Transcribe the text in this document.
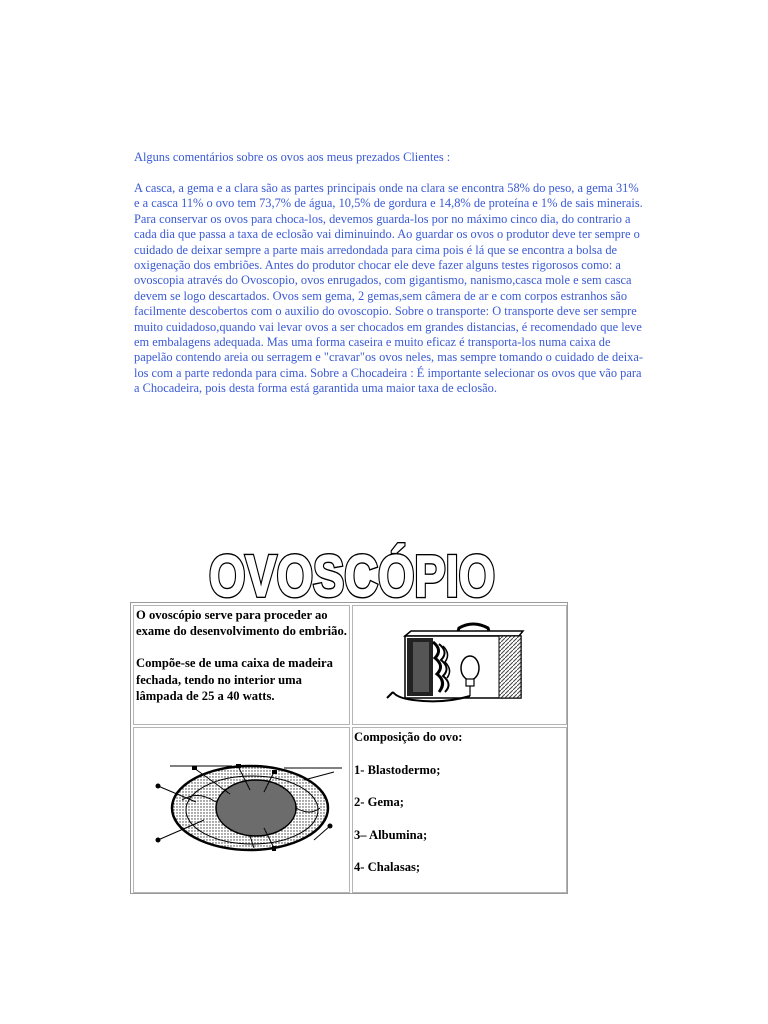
Alguns comentários sobre os ovos aos meus prezados Clientes :

A casca, a gema e a clara são as partes principais onde na clara se encontra 58% do peso, a gema 31% e a casca 11% o ovo tem 73,7% de água, 10,5% de gordura e 14,8% de proteína e 1% de sais minerais. Para conservar os ovos para choca-los, devemos guarda-los por no máximo cinco dia, do contrario a cada dia que passa a taxa de eclosão vai diminuindo. Ao guardar os ovos o produtor deve ter sempre o cuidado de deixar sempre a parte mais arredondada para cima pois é lá que se encontra a bolsa de oxigenação dos embriões. Antes do produtor chocar ele deve fazer alguns testes rigorosos como: a ovoscopia através do Ovoscopio, ovos enrugados, com gigantismo, nanismo,casca mole e sem casca devem se logo descartados. Ovos sem gema, 2 gemas,sem câmera de ar e com corpos estranhos são facilmente descobertos com o auxilio do ovoscopio. Sobre o transporte: O transporte deve ser sempre muito cuidadoso,quando vai levar ovos a ser chocados em grandes distancias, é recomendado que leve em embalagens adequada. Mas uma forma caseira e muito eficaz é transporta-los numa caixa de papelão contendo areia ou serragem e "cravar"os ovos neles, mas sempre tomando o cuidado de deixa-los com a parte redonda para cima. Sobre a Chocadeira : É importante selecionar os ovos que vão para a Chocadeira, pois desta forma está garantida uma maior taxa de eclosão.

OVOSCÓPIO
OVOSCÓPIO

O ovoscópio serve para proceder ao exame do desenvolvimento do embrião.

Compõe-se de uma caixa de madeira fechada, tendo no interior uma lâmpada de 25 a 40 watts.

Composição do ovo:

1- Blastodermo;

2- Gema;

3– Albumina;

4- Chalasas;
